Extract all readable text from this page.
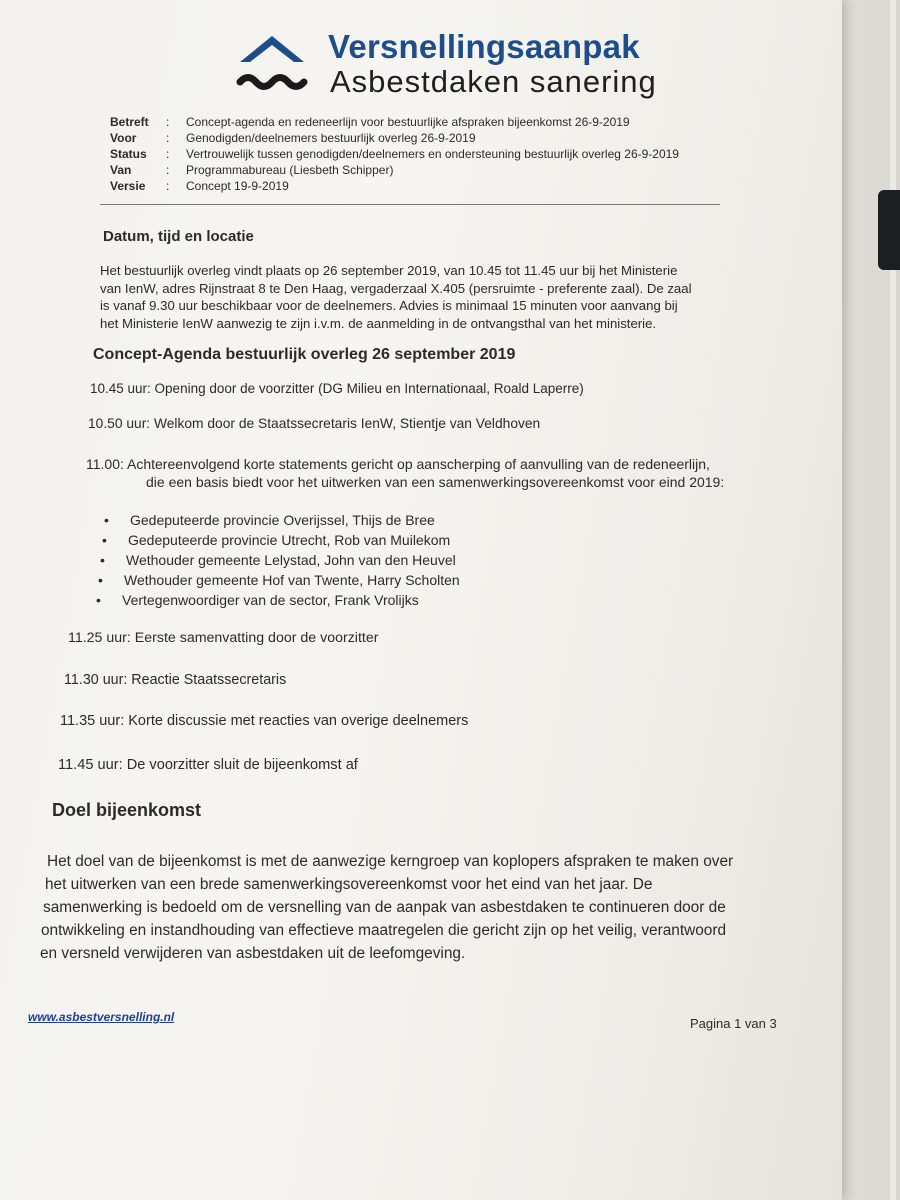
Versnellingsaanpak
Asbestdaken sanering
Betreft	:	Concept-agenda en redeneerlijn voor bestuurlijke afspraken bijeenkomst 26-9-2019
Voor	:	Genodigden/deelnemers bestuurlijk overleg 26-9-2019
Status	:	Vertrouwelijk tussen genodigden/deelnemers en ondersteuning bestuurlijk overleg 26-9-2019
Van	:	Programmabureau (Liesbeth Schipper)
Versie	:	Concept 19-9-2019
Datum, tijd en locatie
Het bestuurlijk overleg vindt plaats op 26 september 2019, van 10.45 tot 11.45 uur bij het Ministerie
van IenW, adres Rijnstraat 8 te Den Haag, vergaderzaal X.405 (persruimte - preferente zaal). De zaal
is vanaf 9.30 uur beschikbaar voor de deelnemers. Advies is minimaal 15 minuten voor aanvang bij
het Ministerie IenW aanwezig te zijn i.v.m. de aanmelding in de ontvangsthal van het ministerie.
Concept-Agenda bestuurlijk overleg 26 september 2019
10.45 uur: Opening door de voorzitter (DG Milieu en Internationaal, Roald Laperre)
10.50 uur: Welkom door de Staatssecretaris IenW, Stientje van Veldhoven
11.00: Achtereenvolgend korte statements gericht op aanscherping of aanvulling van de redeneerlijn,
die een basis biedt voor het uitwerken van een samenwerkingsovereenkomst voor eind 2019:
• Gedeputeerde provincie Overijssel, Thijs de Bree
• Gedeputeerde provincie Utrecht, Rob van Muilekom
• Wethouder gemeente Lelystad, John van den Heuvel
• Wethouder gemeente Hof van Twente, Harry Scholten
• Vertegenwoordiger van de sector, Frank Vrolijks
11.25 uur: Eerste samenvatting door de voorzitter
11.30 uur: Reactie Staatssecretaris
11.35 uur: Korte discussie met reacties van overige deelnemers
11.45 uur: De voorzitter sluit de bijeenkomst af
Doel bijeenkomst
Het doel van de bijeenkomst is met de aanwezige kerngroep van koplopers afspraken te maken over
het uitwerken van een brede samenwerkingsovereenkomst voor het eind van het jaar. De
samenwerking is bedoeld om de versnelling van de aanpak van asbestdaken te continueren door de
ontwikkeling en instandhouding van effectieve maatregelen die gericht zijn op het veilig, verantwoord
en versneld verwijderen van asbestdaken uit de leefomgeving.
www.asbestversnelling.nl	Pagina 1 van 3
